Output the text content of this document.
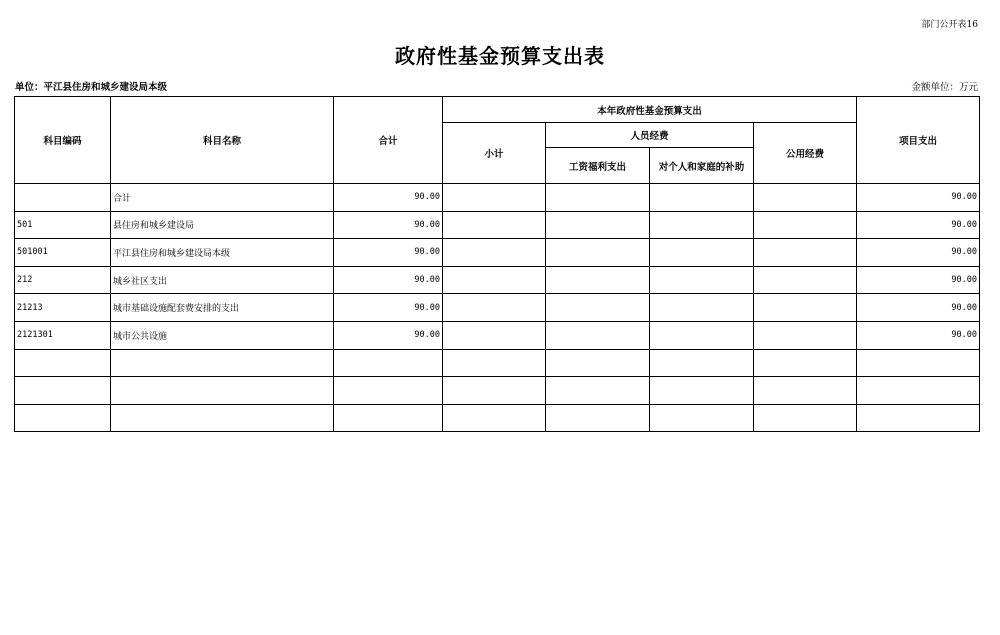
部门公开表16
政府性基金预算支出表
单位：平江县住房和城乡建设局本级	金额单位：万元
科目编码	科目名称	合计	本年政府性基金预算支出				项目支出
			小计	人员经费		公用经费	
				工资福利支出	对个人和家庭的补助		
	合计	90.00					90.00
501	县住房和城乡建设局	90.00					90.00
501001	平江县住房和城乡建设局本级	90.00					90.00
212	城乡社区支出	90.00					90.00
21213	城市基础设施配套费安排的支出	90.00					90.00
2121301	城市公共设施	90.00					90.00
